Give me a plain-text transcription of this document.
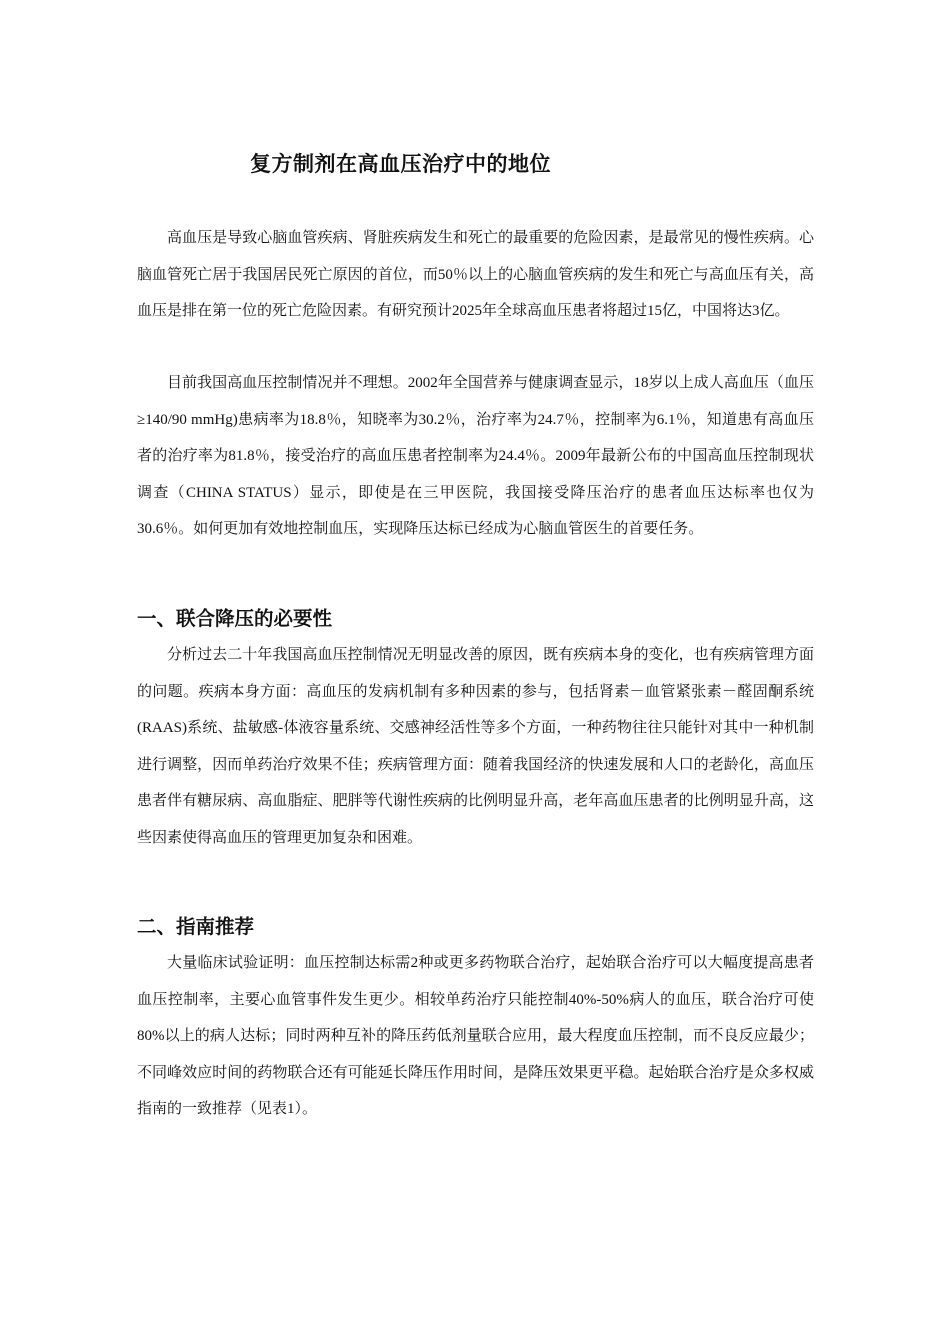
复方制剂在高血压治疗中的地位

高血压是导致心脑血管疾病、肾脏疾病发生和死亡的最重要的危险因素，是最常见的慢性疾病。心脑血管死亡居于我国居民死亡原因的首位，而50％以上的心脑血管疾病的发生和死亡与高血压有关，高血压是排在第一位的死亡危险因素。有研究预计2025年全球高血压患者将超过15亿，中国将达3亿。

目前我国高血压控制情况并不理想。2002年全国营养与健康调查显示，18岁以上成人高血压（血压≥140/90 mmHg)患病率为18.8％，知晓率为30.2％，治疗率为24.7％，控制率为6.1％，知道患有高血压者的治疗率为81.8％，接受治疗的高血压患者控制率为24.4％。2009年最新公布的中国高血压控制现状调查（CHINA STATUS）显示，即使是在三甲医院，我国接受降压治疗的患者血压达标率也仅为30.6％。如何更加有效地控制血压，实现降压达标已经成为心脑血管医生的首要任务。

一、联合降压的必要性

分析过去二十年我国高血压控制情况无明显改善的原因，既有疾病本身的变化，也有疾病管理方面的问题。疾病本身方面：高血压的发病机制有多种因素的参与，包括肾素－血管紧张素－醛固酮系统(RAAS)系统、盐敏感-体液容量系统、交感神经活性等多个方面，一种药物往往只能针对其中一种机制进行调整，因而单药治疗效果不佳；疾病管理方面：随着我国经济的快速发展和人口的老龄化，高血压患者伴有糖尿病、高血脂症、肥胖等代谢性疾病的比例明显升高，老年高血压患者的比例明显升高，这些因素使得高血压的管理更加复杂和困难。

二、指南推荐

大量临床试验证明：血压控制达标需2种或更多药物联合治疗，起始联合治疗可以大幅度提高患者血压控制率，主要心血管事件发生更少。相较单药治疗只能控制40%-50%病人的血压，联合治疗可使80%以上的病人达标；同时两种互补的降压药低剂量联合应用，最大程度血压控制，而不良反应最少；不同峰效应时间的药物联合还有可能延长降压作用时间，是降压效果更平稳。起始联合治疗是众多权威指南的一致推荐（见表1）。
